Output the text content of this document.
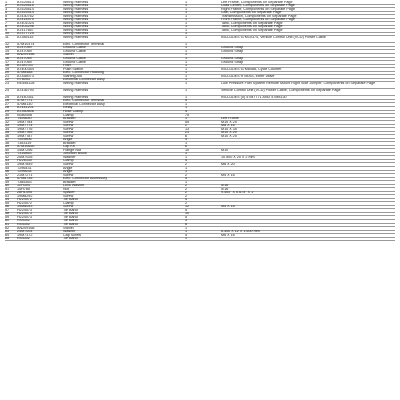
1	AT525613	Wiring Harness	1	Left Frame, Components on Separate Page
2	AT525615	Wiring Harness	1	Load Center, Components on Separate Page
3	AT525614	Wiring Harness	1	Right Frame, Components on Separate Page
4	AT525514	Wiring Harness	1	Cab, Components on Separate Page
5	AT430762	Wiring Harness	1	Transmission, Components on Separate Page
6	AT414570	Wiring Harness	1	Front Frame, Components on Separate Page
7	AT401024	Wiring Harness	1	Tank, Components on Separate Page
8	AT403296	Wiring Harness	1	Tank, Components on Separate Page
9	AT417657	Wiring Harness	1	Tank, Components on Separate Page
10	AT377725	Wiring Harness	1
11	AT385115	Wiring Harness	1	INCLUDES 57M10374, Vehicle Control Unit (VCU) Power Cable
12	57M10374	Elec. Connector Terminal	1
13	AT47069	Ground Cable	1	Ground Strap
14	AT47069	Ground Cable	1	Ground Strap
15	AN209168	Swivel	1
16	AT47069	Ground Cable	1	Ground Strap
17	AT47069	Ground Cable	1	Ground Strap
18	AT387037	Filter	1
19	AT400354	Push Switch	1	INCLUDES 57M8488, Cycle Counter
20	57M8488	Elec. Connector Housing	1
21	AT358073	Starting Aid	1	INCLUDES R78053, Ether Valve
22	R78053	Electrical Connector Assy	1
23	RE558128	Wiring Harness	1	Low Pressure Fuel System Remote Mount Right Side Jumper, Components on Separate Page
24	AT436790	Wiring Harness	1	Vehicle Control Unit (VCU) Power Cable, Components on Separate Page
25	AT440351	Wiring Harness	1	INCLUDES (5) 57M7771 AND 57M8130
26	57M7771	Elec. Connector Terminal	5
27	57M8130	Electrical Connector Assy	1
28	AT441201	Relay	1
29	AT360806	Hose Clamp	4
30	N380408	Clamp	75
31	T406640	Bracket	1	Left Frame
32	19M7784	Screw	55	M10 X 25
33	19M7774	Screw	2	M8 X 16
34	19M7776	Screw	13	M10 X 35
35	19M7785	Screw	21	M10 X 20
36	19M7787	Screw	6	M10 X 25
37	T209806	Angle	4
38	T353119	Bracket	1
39	57M10650	Clip Kit	6
40	14M7296	Flange Nut	10	M10
41	T316863	Junction Block	1
42	24M7028	Washer	1	10.500 X 20 X 2 mm
43	H226330	Clamp	4
44	19M7849	Screw	2	M8 X 20
45	T296431	Angle	1
46	T296634	Angle	1
47	21M7271	Screw	2	M5 X 16
48	57M8736	Elec. Connector Accessory	4
49	T385363	Bracket	1
50	12H304	Lock Washer	2	5/16"
51	14H785	Nut	2	5/16"
52	28H1495	Spacer	2	9.400" X 0.675" X 1"
53	19M8292	Screw	2
54	H224072	Tie Band	5
55	H224072	Clamp	2
56	19M8053	Screw	12	M5 X 16
57	H224073	Tie Band	5
58	H224073	Tie Band	10
59	H224073	Tie Band	5
60	R44302	Tie Band	3
61	R44302	Tie Band	6
62	AN209168	Swivel	1
63	24M7004	Washer	1	6.400 X 12 X 1.600 mm
64	19M7372	Cap Screw	4	M6 X 16
65	R44302	Tie Band	1
